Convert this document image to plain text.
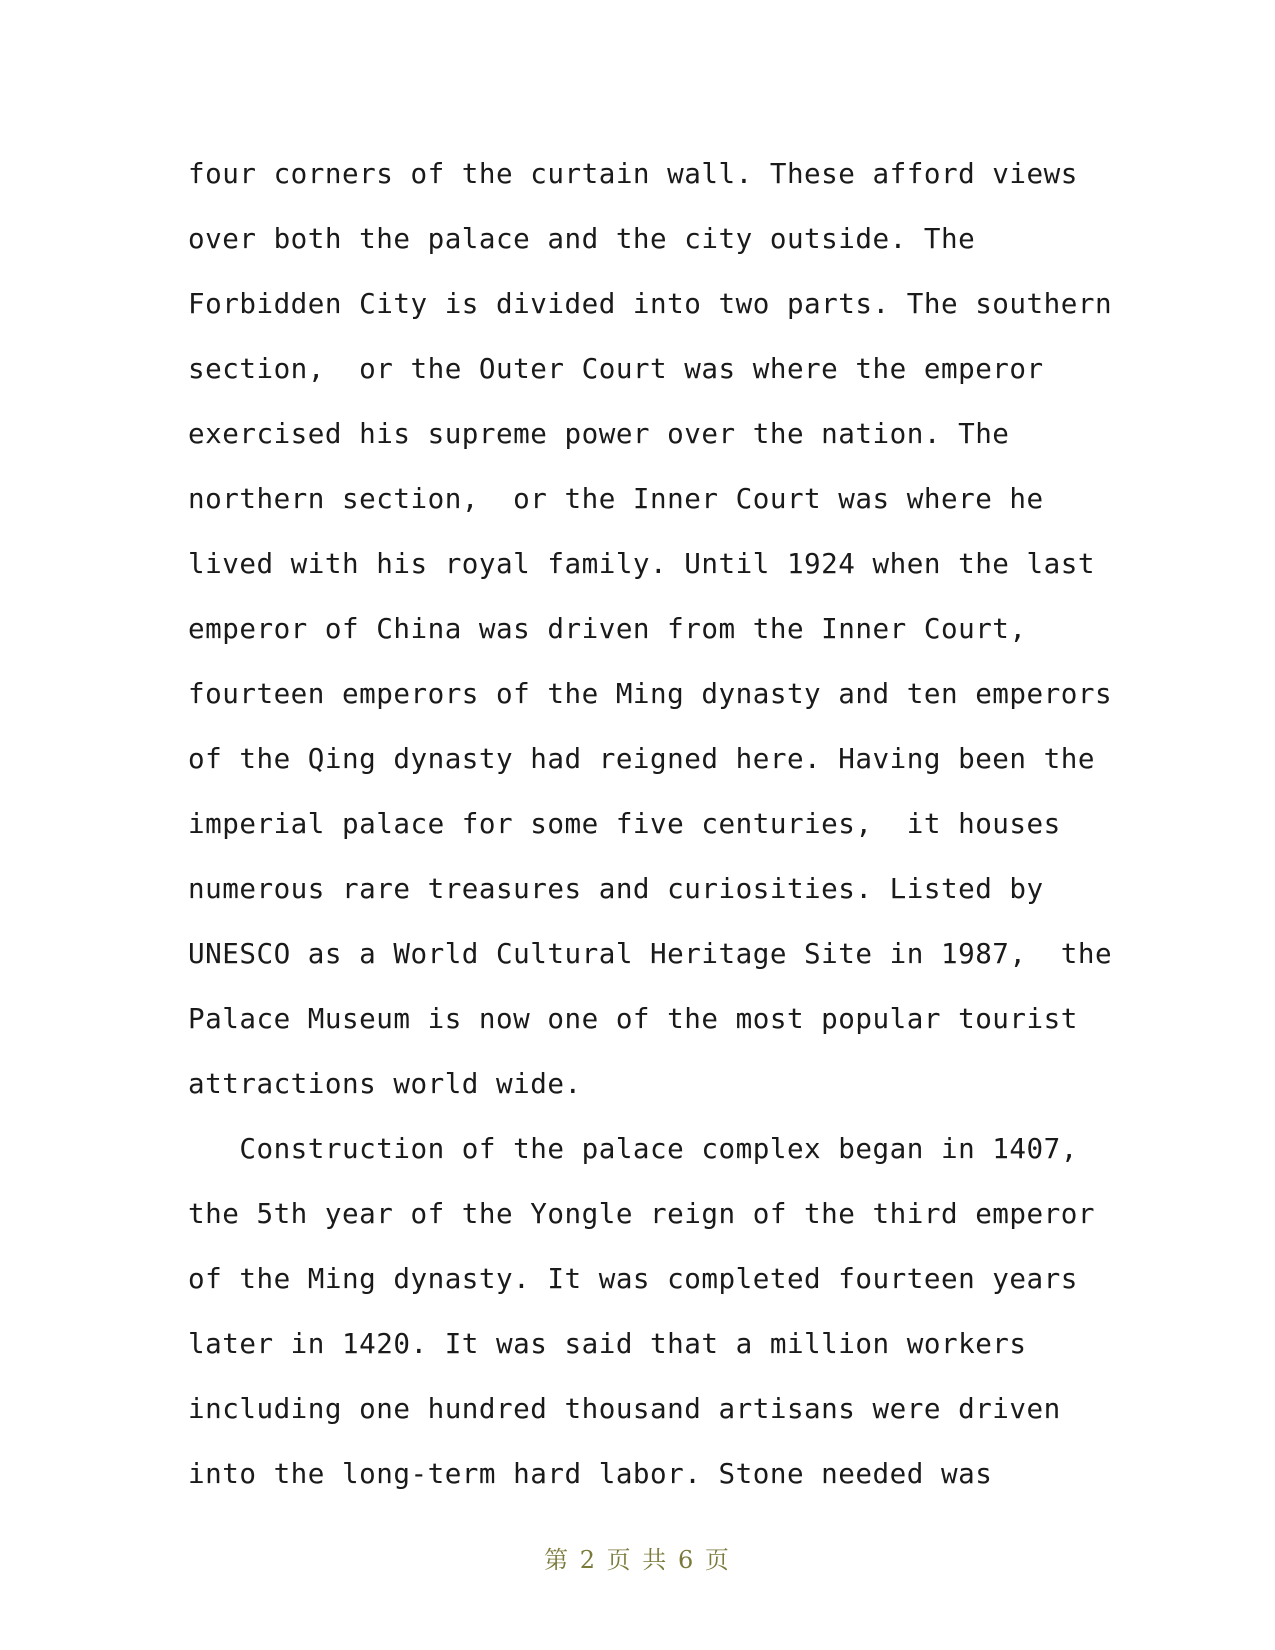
four corners of the curtain wall. These afford views
over both the palace and the city outside. The
Forbidden City is divided into two parts. The southern
section,  or the Outer Court was where the emperor
exercised his supreme power over the nation. The
northern section,  or the Inner Court was where he
lived with his royal family. Until 1924 when the last
emperor of China was driven from the Inner Court,
fourteen emperors of the Ming dynasty and ten emperors
of the Qing dynasty had reigned here. Having been the
imperial palace for some five centuries,  it houses
numerous rare treasures and curiosities. Listed by
UNESCO as a World Cultural Heritage Site in 1987,  the
Palace Museum is now one of the most popular tourist
attractions world wide.
Construction of the palace complex began in 1407,
the 5th year of the Yongle reign of the third emperor
of the Ming dynasty. It was completed fourteen years
later in 1420. It was said that a million workers
including one hundred thousand artisans were driven
into the long-term hard labor. Stone needed was
第 2 页 共 6 页
